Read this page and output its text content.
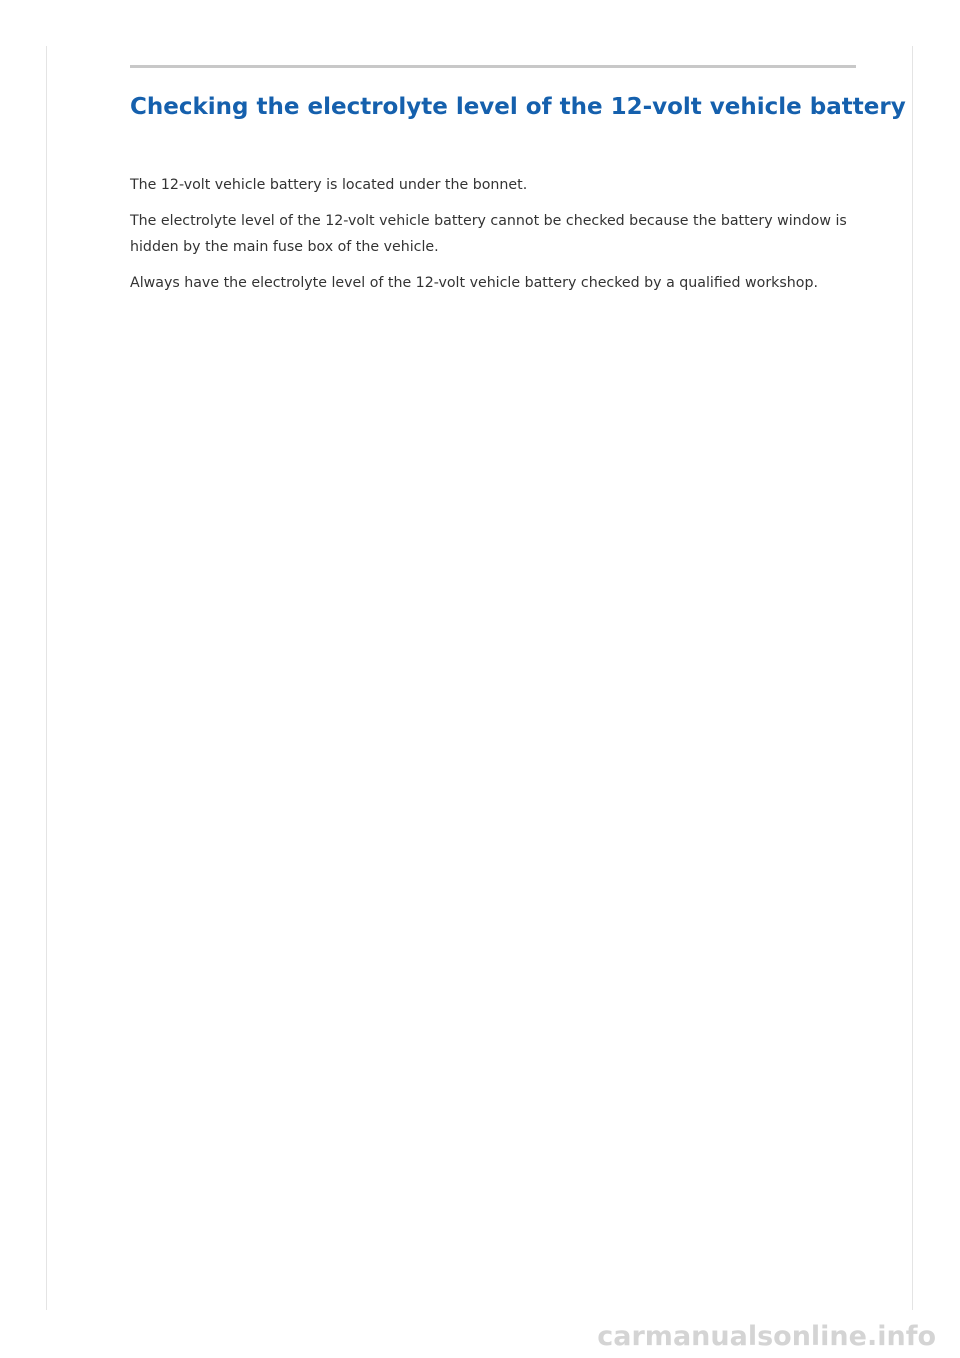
Checking the electrolyte level of the 12-volt vehicle battery

The 12-volt vehicle battery is located under the bonnet.

The electrolyte level of the 12-volt vehicle battery cannot be checked because the battery window is hidden by the main fuse box of the vehicle.

Always have the electrolyte level of the 12-volt vehicle battery checked by a qualified workshop.

carmanualsonline.info
